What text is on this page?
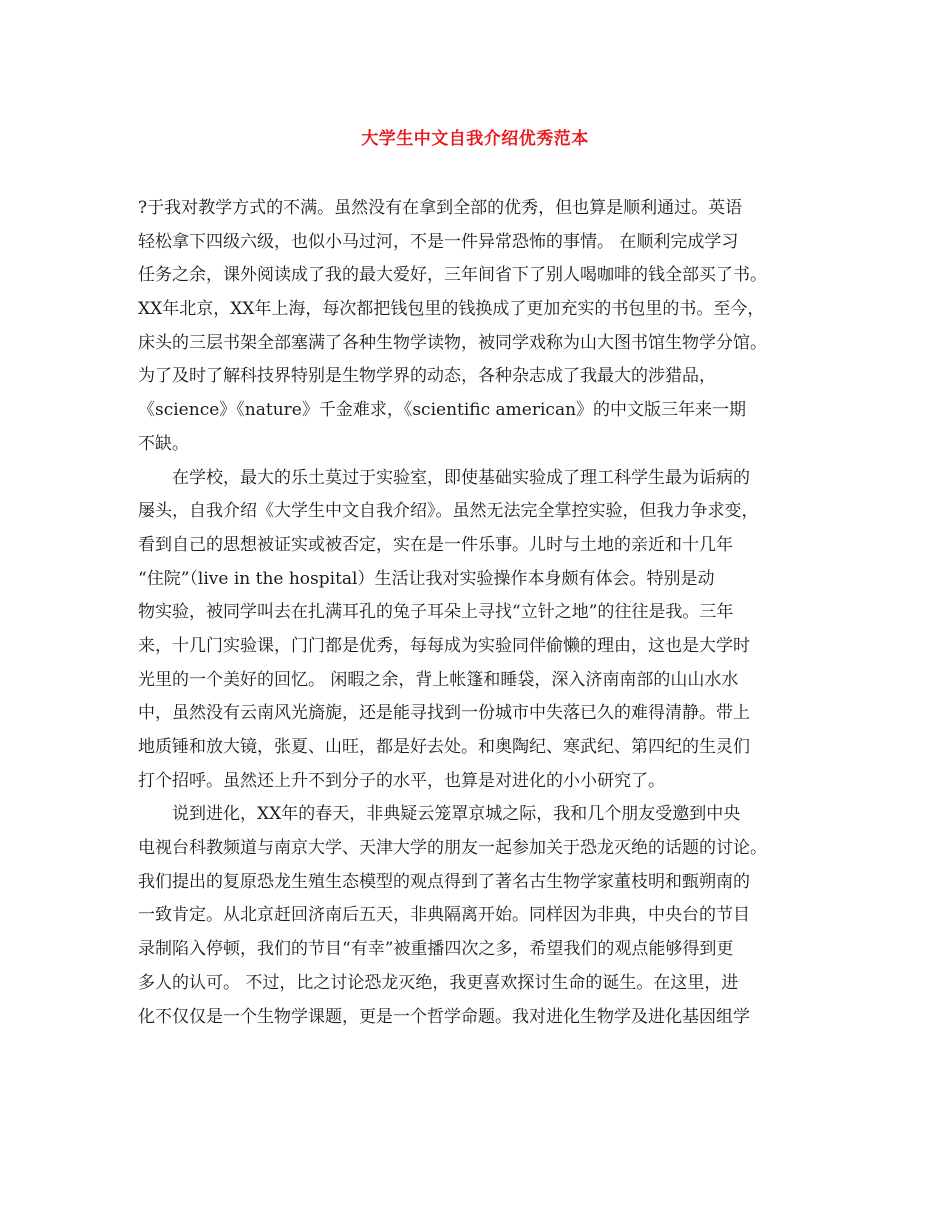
大学生中文自我介绍优秀范本
?于我对教学方式的不满。虽然没有在拿到全部的优秀，但也算是顺利通过。英语
轻松拿下四级六级，也似小马过河，不是一件异常恐怖的事情。 在顺利完成学习
任务之余，课外阅读成了我的最大爱好，三年间省下了别人喝咖啡的钱全部买了书。
XX年北京，XX年上海，每次都把钱包里的钱换成了更加充实的书包里的书。至今，
床头的三层书架全部塞满了各种生物学读物，被同学戏称为山大图书馆生物学分馆。
为了及时了解科技界特别是生物学界的动态，各种杂志成了我最大的涉猎品，
《science》《nature》千金难求，《scientific american》的中文版三年来一期
不缺。
在学校，最大的乐土莫过于实验室，即使基础实验成了理工科学生最为诟病的
屡头，自我介绍《大学生中文自我介绍》。虽然无法完全掌控实验，但我力争求变，
看到自己的思想被证实或被否定，实在是一件乐事。儿时与土地的亲近和十几年
“住院”（live in the hospital）生活让我对实验操作本身颇有体会。特别是动
物实验，被同学叫去在扎满耳孔的兔子耳朵上寻找“立针之地”的往往是我。三年
来，十几门实验课，门门都是优秀，每每成为实验同伴偷懒的理由，这也是大学时
光里的一个美好的回忆。 闲暇之余，背上帐篷和睡袋，深入济南南部的山山水水
中，虽然没有云南风光旖旎，还是能寻找到一份城市中失落已久的难得清静。带上
地质锤和放大镜，张夏、山旺，都是好去处。和奥陶纪、寒武纪、第四纪的生灵们
打个招呼。虽然还上升不到分子的水平，也算是对进化的小小研究了。
说到进化，XX年的春天，非典疑云笼罩京城之际，我和几个朋友受邀到中央
电视台科教频道与南京大学、天津大学的朋友一起参加关于恐龙灭绝的话题的讨论。
我们提出的复原恐龙生殖生态模型的观点得到了著名古生物学家董枝明和甄朔南的
一致肯定。从北京赶回济南后五天，非典隔离开始。同样因为非典，中央台的节目
录制陷入停顿，我们的节目“有幸”被重播四次之多，希望我们的观点能够得到更
多人的认可。 不过，比之讨论恐龙灭绝，我更喜欢探讨生命的诞生。在这里，进
化不仅仅是一个生物学课题，更是一个哲学命题。我对进化生物学及进化基因组学
